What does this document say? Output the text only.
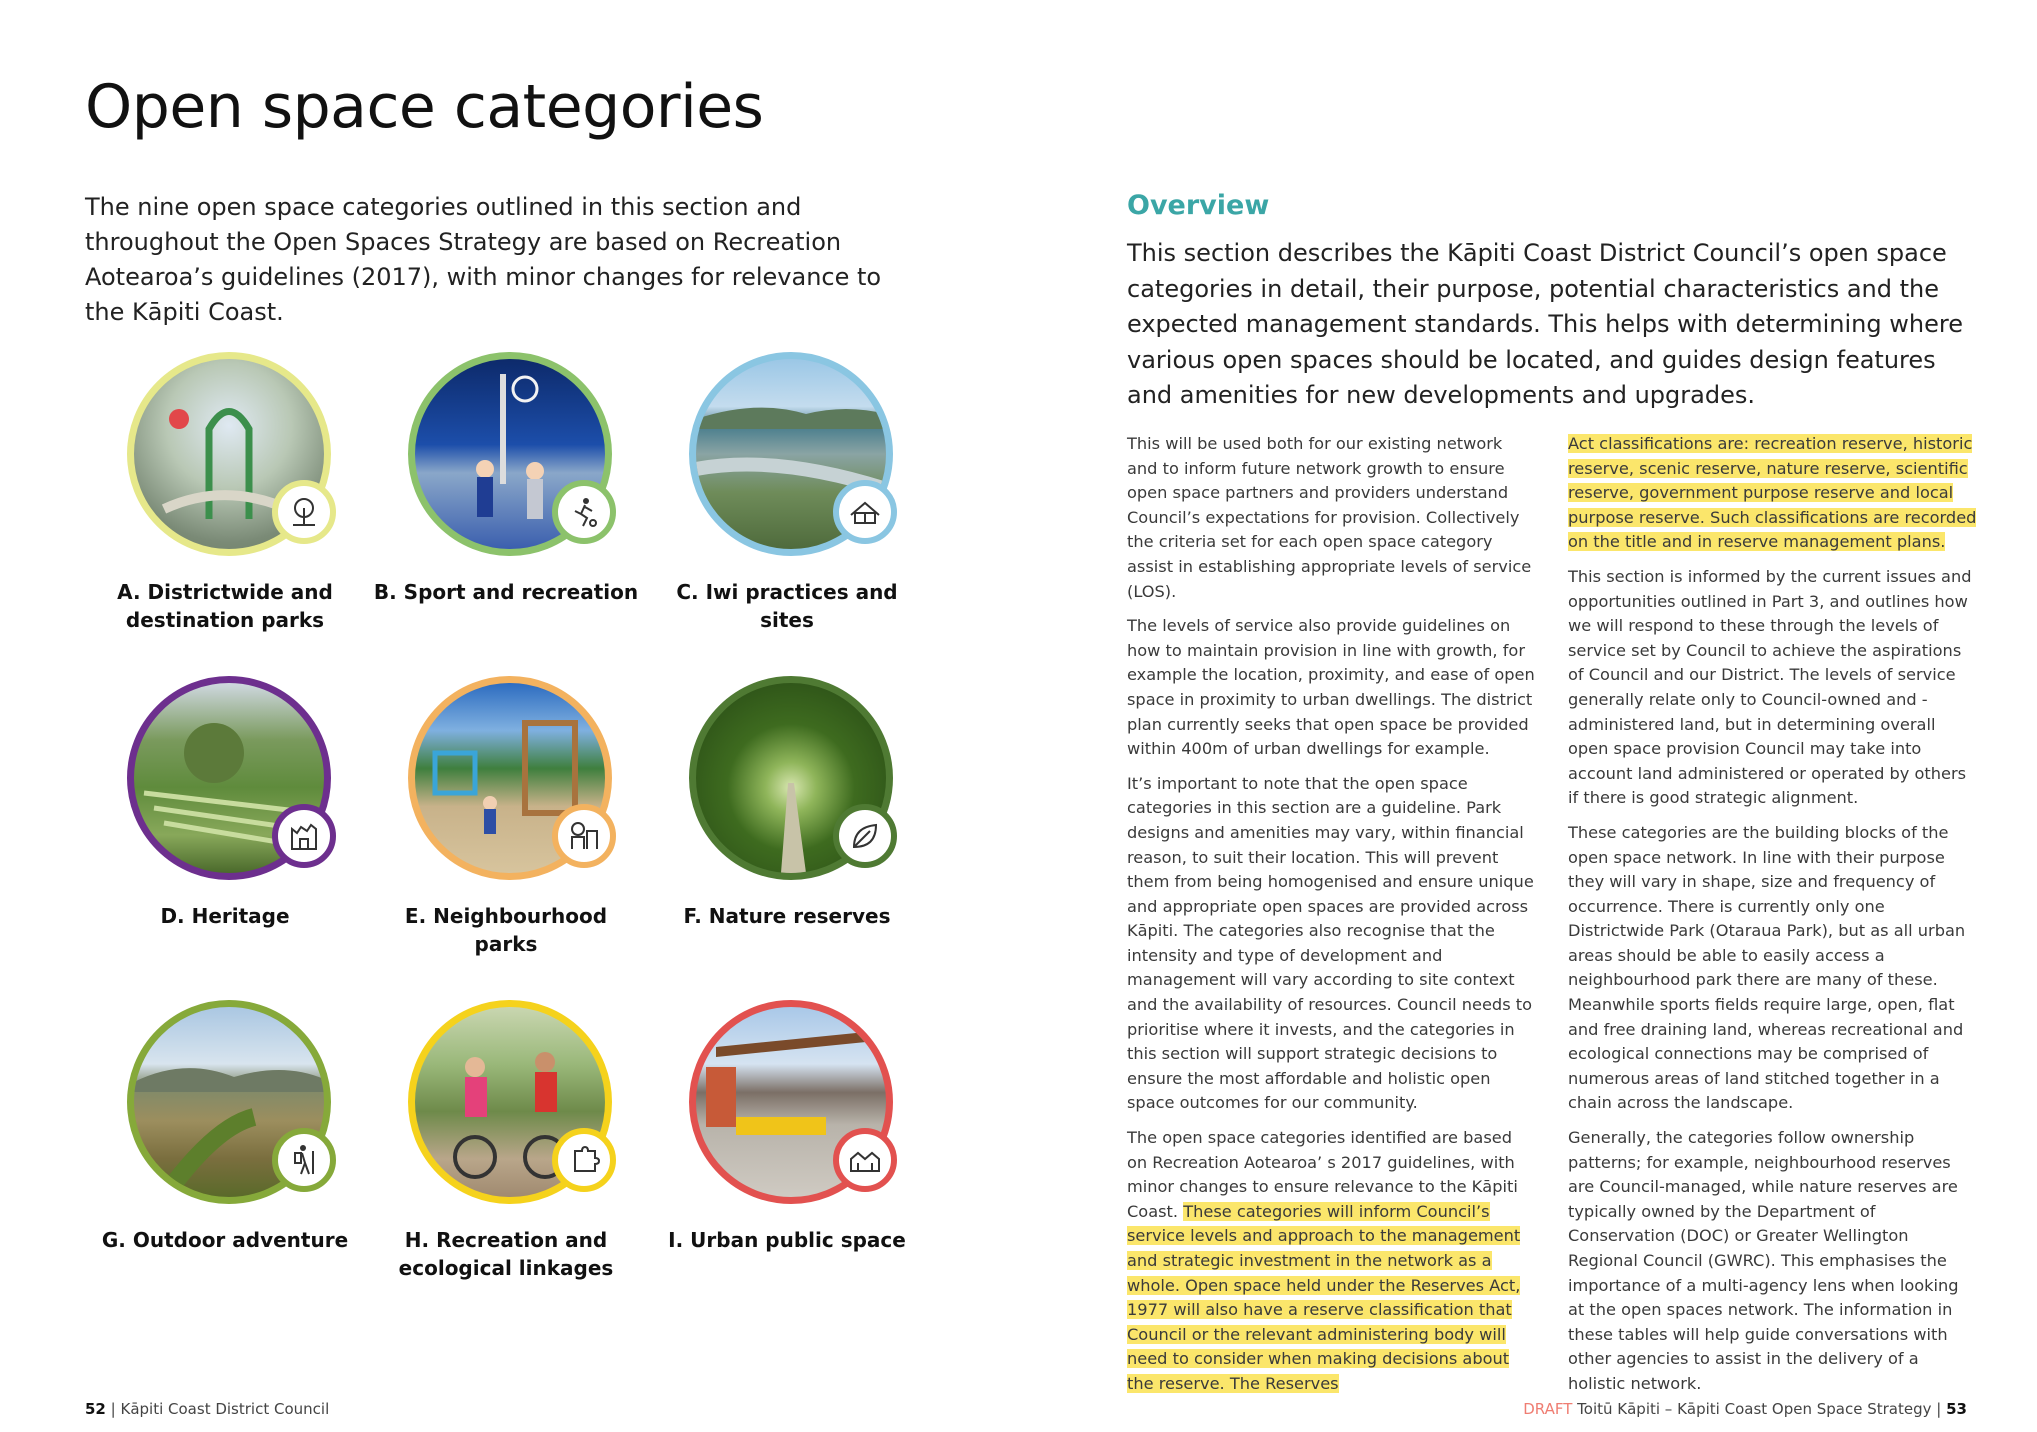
Open space categories

The nine open space categories outlined in this section and throughout the Open Spaces Strategy are based on Recreation Aotearoa’s guidelines (2017), with minor changes for relevance to the Kāpiti Coast.

A. Districtwide and
destination parks
B. Sport and recreation	C. Iwi practices and sites
D. Heritage	E. Neighbourhood parks
F. Nature reserves
G. Outdoor adventure	H. Recreation and
ecological linkages
I. Urban public space
Overview

This section describes the Kāpiti Coast District Council’s open space categories in detail, their purpose, potential characteristics and the expected management standards. This helps with determining where various open spaces should be located, and guides design features and amenities for new developments and upgrades.

This will be used both for our existing network and to inform future network growth to ensure open space partners and providers understand Council’s expectations for provision. Collectively the criteria set for each open space category assist in establishing appropriate levels of service (LOS).

The levels of service also provide guidelines on how to maintain provision in line with growth, for example the location, proximity, and ease of open space in proximity to urban dwellings. The district plan currently seeks that open space be provided within 400m of urban dwellings for example.

It’s important to note that the open space categories in this section are a guideline. Park designs and amenities may vary, within financial reason, to suit their location. This will prevent them from being homogenised and ensure unique and appropriate open spaces are provided across Kāpiti. The categories also recognise that the intensity and type of development and management will vary according to site context and the availability of resources. Council needs to prioritise where it invests, and the categories in this section will support strategic decisions to ensure the most affordable and holistic open space outcomes for our community.

The open space categories identified are based on Recreation Aotearoa’ s 2017 guidelines, with minor changes to ensure relevance to the Kāpiti Coast. These categories will inform Council’s service levels and approach to the management and strategic investment in the network as a whole. Open space held under the Reserves Act, 1977 will also have a reserve classification that Council or the relevant administering body will need to consider when making decisions about the reserve. The Reserves

Act classifications are: recreation reserve, historic reserve, scenic reserve, nature reserve, scientific reserve, government purpose reserve and local purpose reserve. Such classifications are recorded on the title and in reserve management plans.

This section is informed by the current issues and opportunities outlined in Part 3, and outlines how we will respond to these through the levels of service set by Council to achieve the aspirations of Council and our District. The levels of service generally relate only to Council-owned and -administered land, but in determining overall open space provision Council may take into account land administered or operated by others if there is good strategic alignment.

These categories are the building blocks of the open space network. In line with their purpose they will vary in shape, size and frequency of occurrence. There is currently only one Districtwide Park (Otaraua Park), but as all urban areas should be able to easily access a neighbourhood park there are many of these. Meanwhile sports fields require large, open, flat and free draining land, whereas recreational and ecological connections may be comprised of numerous areas of land stitched together in a chain across the landscape.

Generally, the categories follow ownership patterns; for example, neighbourhood reserves are Council-managed, while nature reserves are typically owned by the Department of Conservation (DOC) or Greater Wellington Regional Council (GWRC). This emphasises the importance of a multi-agency lens when looking at the open spaces network. The information in these tables will help guide conversations with other agencies to assist in the delivery of a holistic network.

52 | Kāpiti Coast District Council	DRAFT Toitū Kāpiti – Kāpiti Coast Open Space Strategy | 53
